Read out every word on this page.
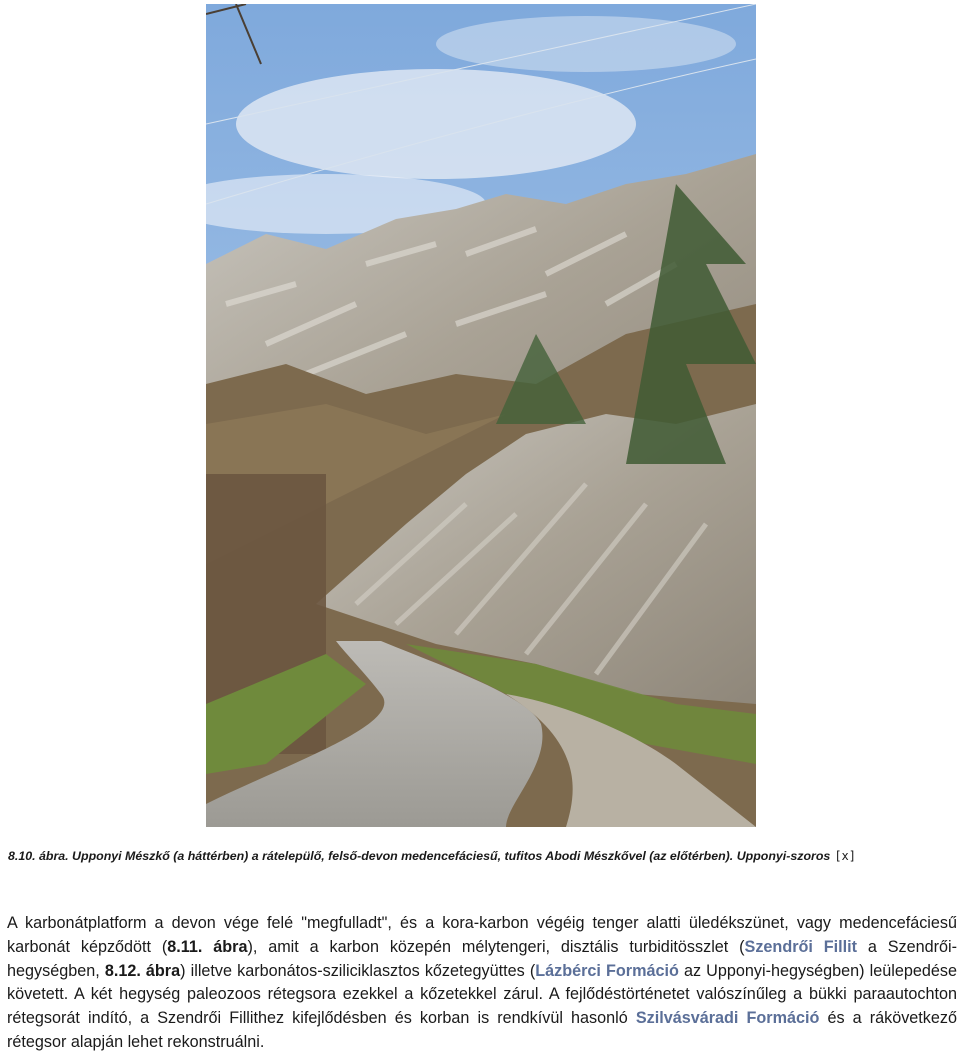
8.10. ábra. Upponyi Mészkő (a háttérben) a rátelepülő, felső-devon medencefáciesű, tufitos Abodi Mészkővel (az előtérben). Upponyi-szoros [x]

A karbonátplatform a devon vége felé "megfulladt", és a kora-karbon végéig tenger alatti üledékszünet, vagy medencefáciesű karbonát képződött (8.11. ábra), amit a karbon közepén mélytengeri, disztális turbiditösszlet (Szendrői Fillit a Szendrői-hegységben, 8.12. ábra) illetve karbonátos-sziliciklasztos kőzetegyüttes (Lázbérci Formáció az Upponyi-hegységben) leülepedése követett. A két hegység paleozoos rétegsora ezekkel a kőzetekkel zárul. A fejlődéstörténetet valószínűleg a bükki paraautochton rétegsorát indító, a Szendrői Fillithez kifejlődésben és korban is rendkívül hasonló Szilvásváradi Formáció és a rákövetkező rétegsor alapján lehet rekonstruálni.
